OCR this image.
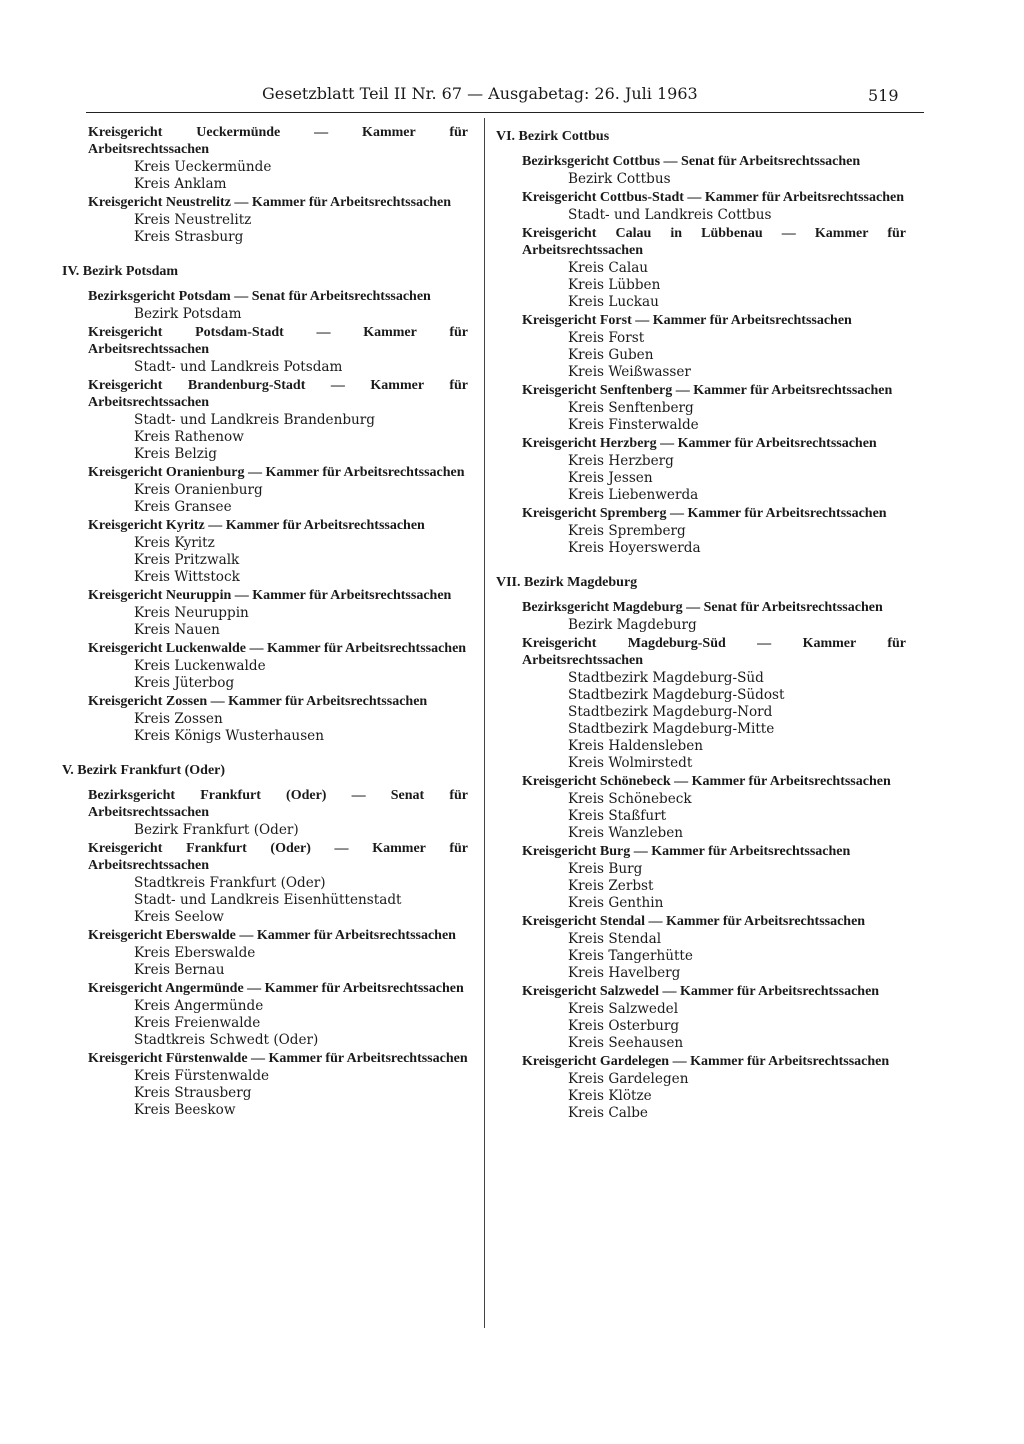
Gesetzblatt Teil II Nr. 67 — Ausgabetag: 26. Juli 1963	519
Kreisgericht Ueckermünde — Kammer für Arbeitsrechtssachen
Kreis Ueckermünde
Kreis Anklam
Kreisgericht Neustrelitz — Kammer für Arbeitsrechtssachen
Kreis Neustrelitz
Kreis Strasburg
IV. Bezirk Potsdam
Bezirksgericht Potsdam — Senat für Arbeitsrechtssachen
Bezirk Potsdam
Kreisgericht Potsdam-Stadt — Kammer für Arbeitsrechtssachen
Stadt- und Landkreis Potsdam
Kreisgericht Brandenburg-Stadt — Kammer für Arbeitsrechtssachen
Stadt- und Landkreis Brandenburg
Kreis Rathenow
Kreis Belzig
Kreisgericht Oranienburg — Kammer für Arbeitsrechtssachen
Kreis Oranienburg
Kreis Gransee
Kreisgericht Kyritz — Kammer für Arbeitsrechtssachen
Kreis Kyritz
Kreis Pritzwalk
Kreis Wittstock
Kreisgericht Neuruppin — Kammer für Arbeitsrechtssachen
Kreis Neuruppin
Kreis Nauen
Kreisgericht Luckenwalde — Kammer für Arbeitsrechtssachen
Kreis Luckenwalde
Kreis Jüterbog
Kreisgericht Zossen — Kammer für Arbeitsrechtssachen
Kreis Zossen
Kreis Königs Wusterhausen
V. Bezirk Frankfurt (Oder)
Bezirksgericht Frankfurt (Oder) — Senat für Arbeitsrechtssachen
Bezirk Frankfurt (Oder)
Kreisgericht Frankfurt (Oder) — Kammer für Arbeitsrechtssachen
Stadtkreis Frankfurt (Oder)
Stadt- und Landkreis Eisenhüttenstadt
Kreis Seelow
Kreisgericht Eberswalde — Kammer für Arbeitsrechtssachen
Kreis Eberswalde
Kreis Bernau
Kreisgericht Angermünde — Kammer für Arbeitsrechtssachen
Kreis Angermünde
Kreis Freienwalde
Stadtkreis Schwedt (Oder)
Kreisgericht Fürstenwalde — Kammer für Arbeitsrechtssachen
Kreis Fürstenwalde
Kreis Strausberg
Kreis Beeskow
VI. Bezirk Cottbus
Bezirksgericht Cottbus — Senat für Arbeitsrechtssachen
Bezirk Cottbus
Kreisgericht Cottbus-Stadt — Kammer für Arbeitsrechtssachen
Stadt- und Landkreis Cottbus
Kreisgericht Calau in Lübbenau — Kammer für Arbeitsrechtssachen
Kreis Calau
Kreis Lübben
Kreis Luckau
Kreisgericht Forst — Kammer für Arbeitsrechtssachen
Kreis Forst
Kreis Guben
Kreis Weißwasser
Kreisgericht Senftenberg — Kammer für Arbeitsrechtssachen
Kreis Senftenberg
Kreis Finsterwalde
Kreisgericht Herzberg — Kammer für Arbeitsrechtssachen
Kreis Herzberg
Kreis Jessen
Kreis Liebenwerda
Kreisgericht Spremberg — Kammer für Arbeitsrechtssachen
Kreis Spremberg
Kreis Hoyerswerda
VII. Bezirk Magdeburg
Bezirksgericht Magdeburg — Senat für Arbeitsrechtssachen
Bezirk Magdeburg
Kreisgericht Magdeburg-Süd — Kammer für Arbeitsrechtssachen
Stadtbezirk Magdeburg-Süd
Stadtbezirk Magdeburg-Südost
Stadtbezirk Magdeburg-Nord
Stadtbezirk Magdeburg-Mitte
Kreis Haldensleben
Kreis Wolmirstedt
Kreisgericht Schönebeck — Kammer für Arbeitsrechtssachen
Kreis Schönebeck
Kreis Staßfurt
Kreis Wanzleben
Kreisgericht Burg — Kammer für Arbeitsrechtssachen
Kreis Burg
Kreis Zerbst
Kreis Genthin
Kreisgericht Stendal — Kammer für Arbeitsrechtssachen
Kreis Stendal
Kreis Tangerhütte
Kreis Havelberg
Kreisgericht Salzwedel — Kammer für Arbeitsrechtssachen
Kreis Salzwedel
Kreis Osterburg
Kreis Seehausen
Kreisgericht Gardelegen — Kammer für Arbeitsrechtssachen
Kreis Gardelegen
Kreis Klötze
Kreis Calbe
